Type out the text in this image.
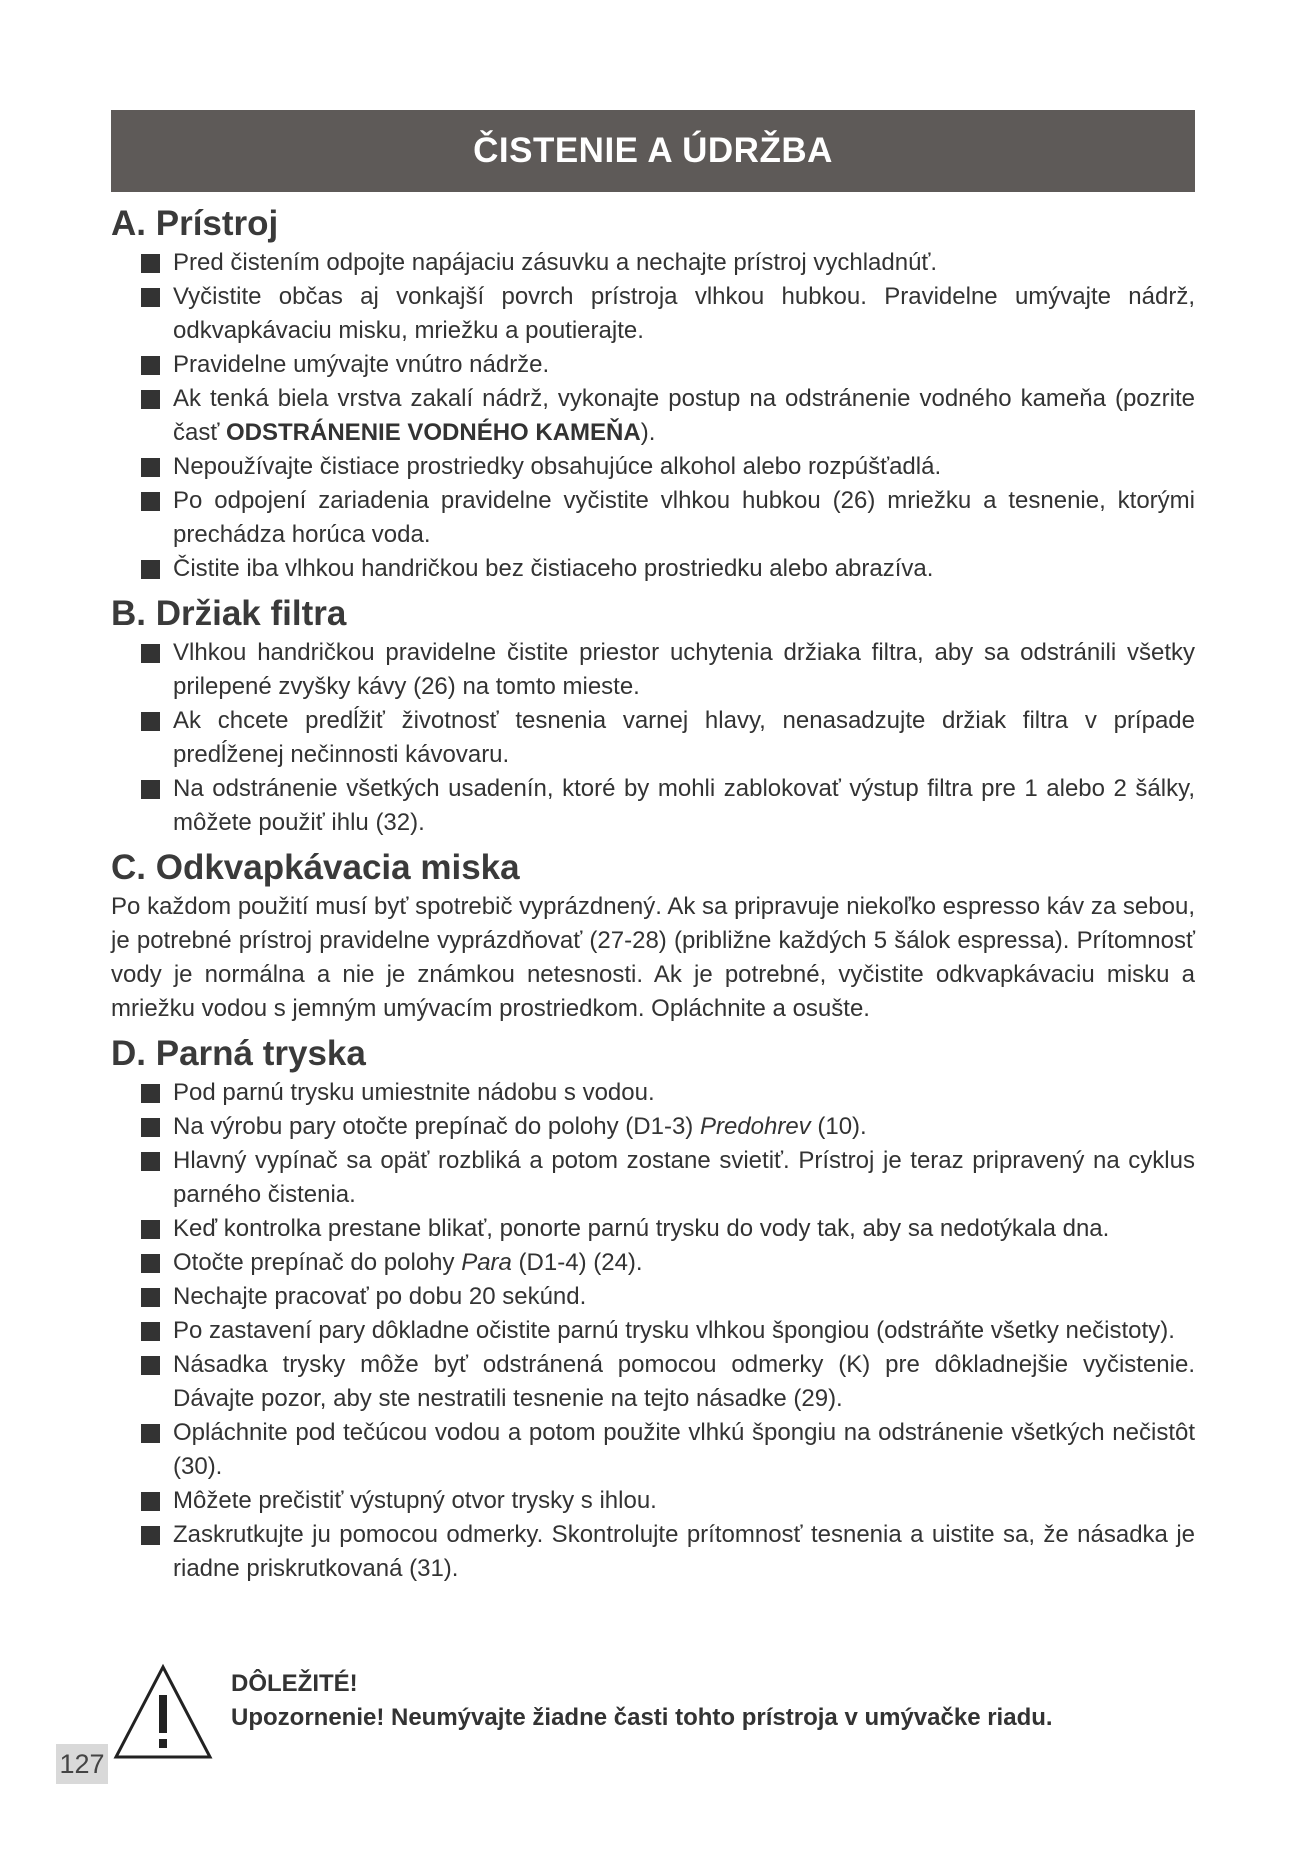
ČISTENIE A ÚDRŽBA
A. Prístroj
Pred čistením odpojte napájaciu zásuvku a nechajte prístroj vychladnúť.
Vyčistite občas aj vonkajší povrch prístroja vlhkou hubkou. Pravidelne umývajte nádrž, odkvapkávaciu misku, mriežku a poutierajte.
Pravidelne umývajte vnútro nádrže.
Ak tenká biela vrstva zakalí nádrž, vykonajte postup na odstránenie vodného kameňa (pozrite časť ODSTRÁNENIE VODNÉHO KAMEŇA).
Nepoužívajte čistiace prostriedky obsahujúce alkohol alebo rozpúšťadlá.
Po odpojení zariadenia pravidelne vyčistite vlhkou hubkou (26) mriežku a tesnenie, ktorými prechádza horúca voda.
Čistite iba vlhkou handričkou bez čistiaceho prostriedku alebo abrazíva.
B. Držiak filtra
Vlhkou handričkou pravidelne čistite priestor uchytenia držiaka filtra, aby sa odstránili všetky prilepené zvyšky kávy (26) na tomto mieste.
Ak chcete predĺžiť životnosť tesnenia varnej hlavy, nenasadzujte držiak filtra v prípade predĺženej nečinnosti kávovaru.
Na odstránenie všetkých usadenín, ktoré by mohli zablokovať výstup filtra pre 1 alebo 2 šálky, môžete použiť ihlu (32).
C. Odkvapkávacia miska

Po každom použití musí byť spotrebič vyprázdnený. Ak sa pripravuje niekoľko espresso káv za sebou, je potrebné prístroj pravidelne vyprázdňovať (27-28) (približne každých 5 šálok espressa). Prítomnosť vody je normálna a nie je známkou netesnosti. Ak je potrebné, vyčistite odkvapkávaciu misku a mriežku vodou s jemným umývacím prostriedkom. Opláchnite a osušte.

D. Parná tryska
Pod parnú trysku umiestnite nádobu s vodou.
Na výrobu pary otočte prepínač do polohy (D1-3) Predohrev (10).
Hlavný vypínač sa opäť rozbliká a potom zostane svietiť. Prístroj je teraz pripravený na cyklus parného čistenia.
Keď kontrolka prestane blikať, ponorte parnú trysku do vody tak, aby sa nedotýkala dna.
Otočte prepínač do polohy Para (D1-4) (24).
Nechajte pracovať po dobu 20 sekúnd.
Po zastavení pary dôkladne očistite parnú trysku vlhkou špongiou (odstráňte všetky nečistoty).
Násadka trysky môže byť odstránená pomocou odmerky (K) pre dôkladnejšie vyčistenie. Dávajte pozor, aby ste nestratili tesnenie na tejto násadke (29).
Opláchnite pod tečúcou vodou a potom použite vlhkú špongiu na odstránenie všetkých nečistôt (30).
Môžete prečistiť výstupný otvor trysky s ihlou.
Zaskrutkujte ju pomocou odmerky. Skontrolujte prítomnosť tesnenia a uistite sa, že násadka je riadne priskrutkovaná (31).
DÔLEŽITÉ!
Upozornenie! Neumývajte žiadne časti tohto prístroja v umývačke riadu.
127
